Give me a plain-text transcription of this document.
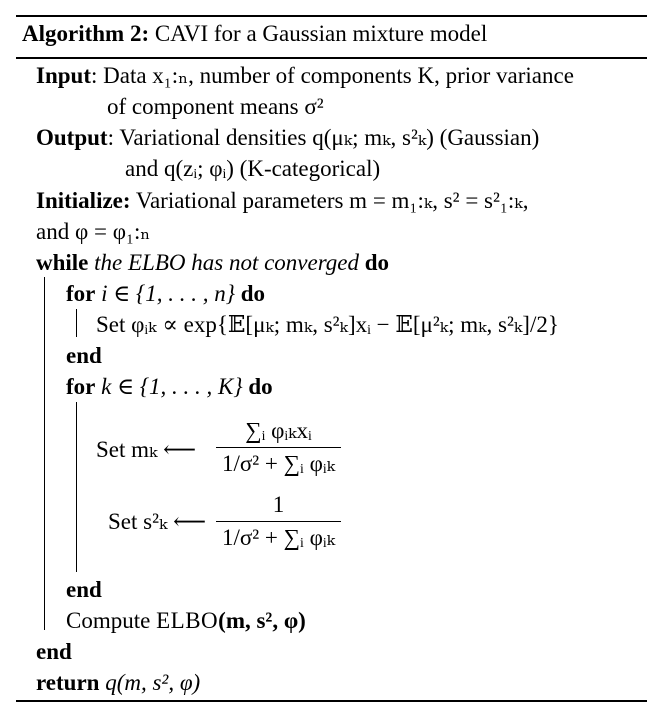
Algorithm 2: CAVI for a Gaussian mixture model
Input: Data x₁:ₙ, number of components K, prior variance
of component means σ²
Output: Variational densities q(μₖ; mₖ, s²ₖ) (Gaussian)
and q(zᵢ; φᵢ) (K-categorical)
Initialize: Variational parameters m = m₁:ₖ, s² = s²₁:ₖ,
and φ = φ₁:ₙ
while the ELBO has not converged do
for i ∈ {1, . . . , n} do
Set φᵢₖ ∝ exp{𝔼[μₖ; mₖ, s²ₖ]xᵢ − 𝔼[μ²ₖ; mₖ, s²ₖ]/2}
end
for k ∈ {1, . . . , K} do
Set mₖ ⟵
∑ᵢ φᵢₖxᵢ
1/σ² + ∑ᵢ φᵢₖ
Set s²ₖ ⟵
1
1/σ² + ∑ᵢ φᵢₖ
end
Compute ELBO(m, s², φ)
end
return q(m, s², φ)
